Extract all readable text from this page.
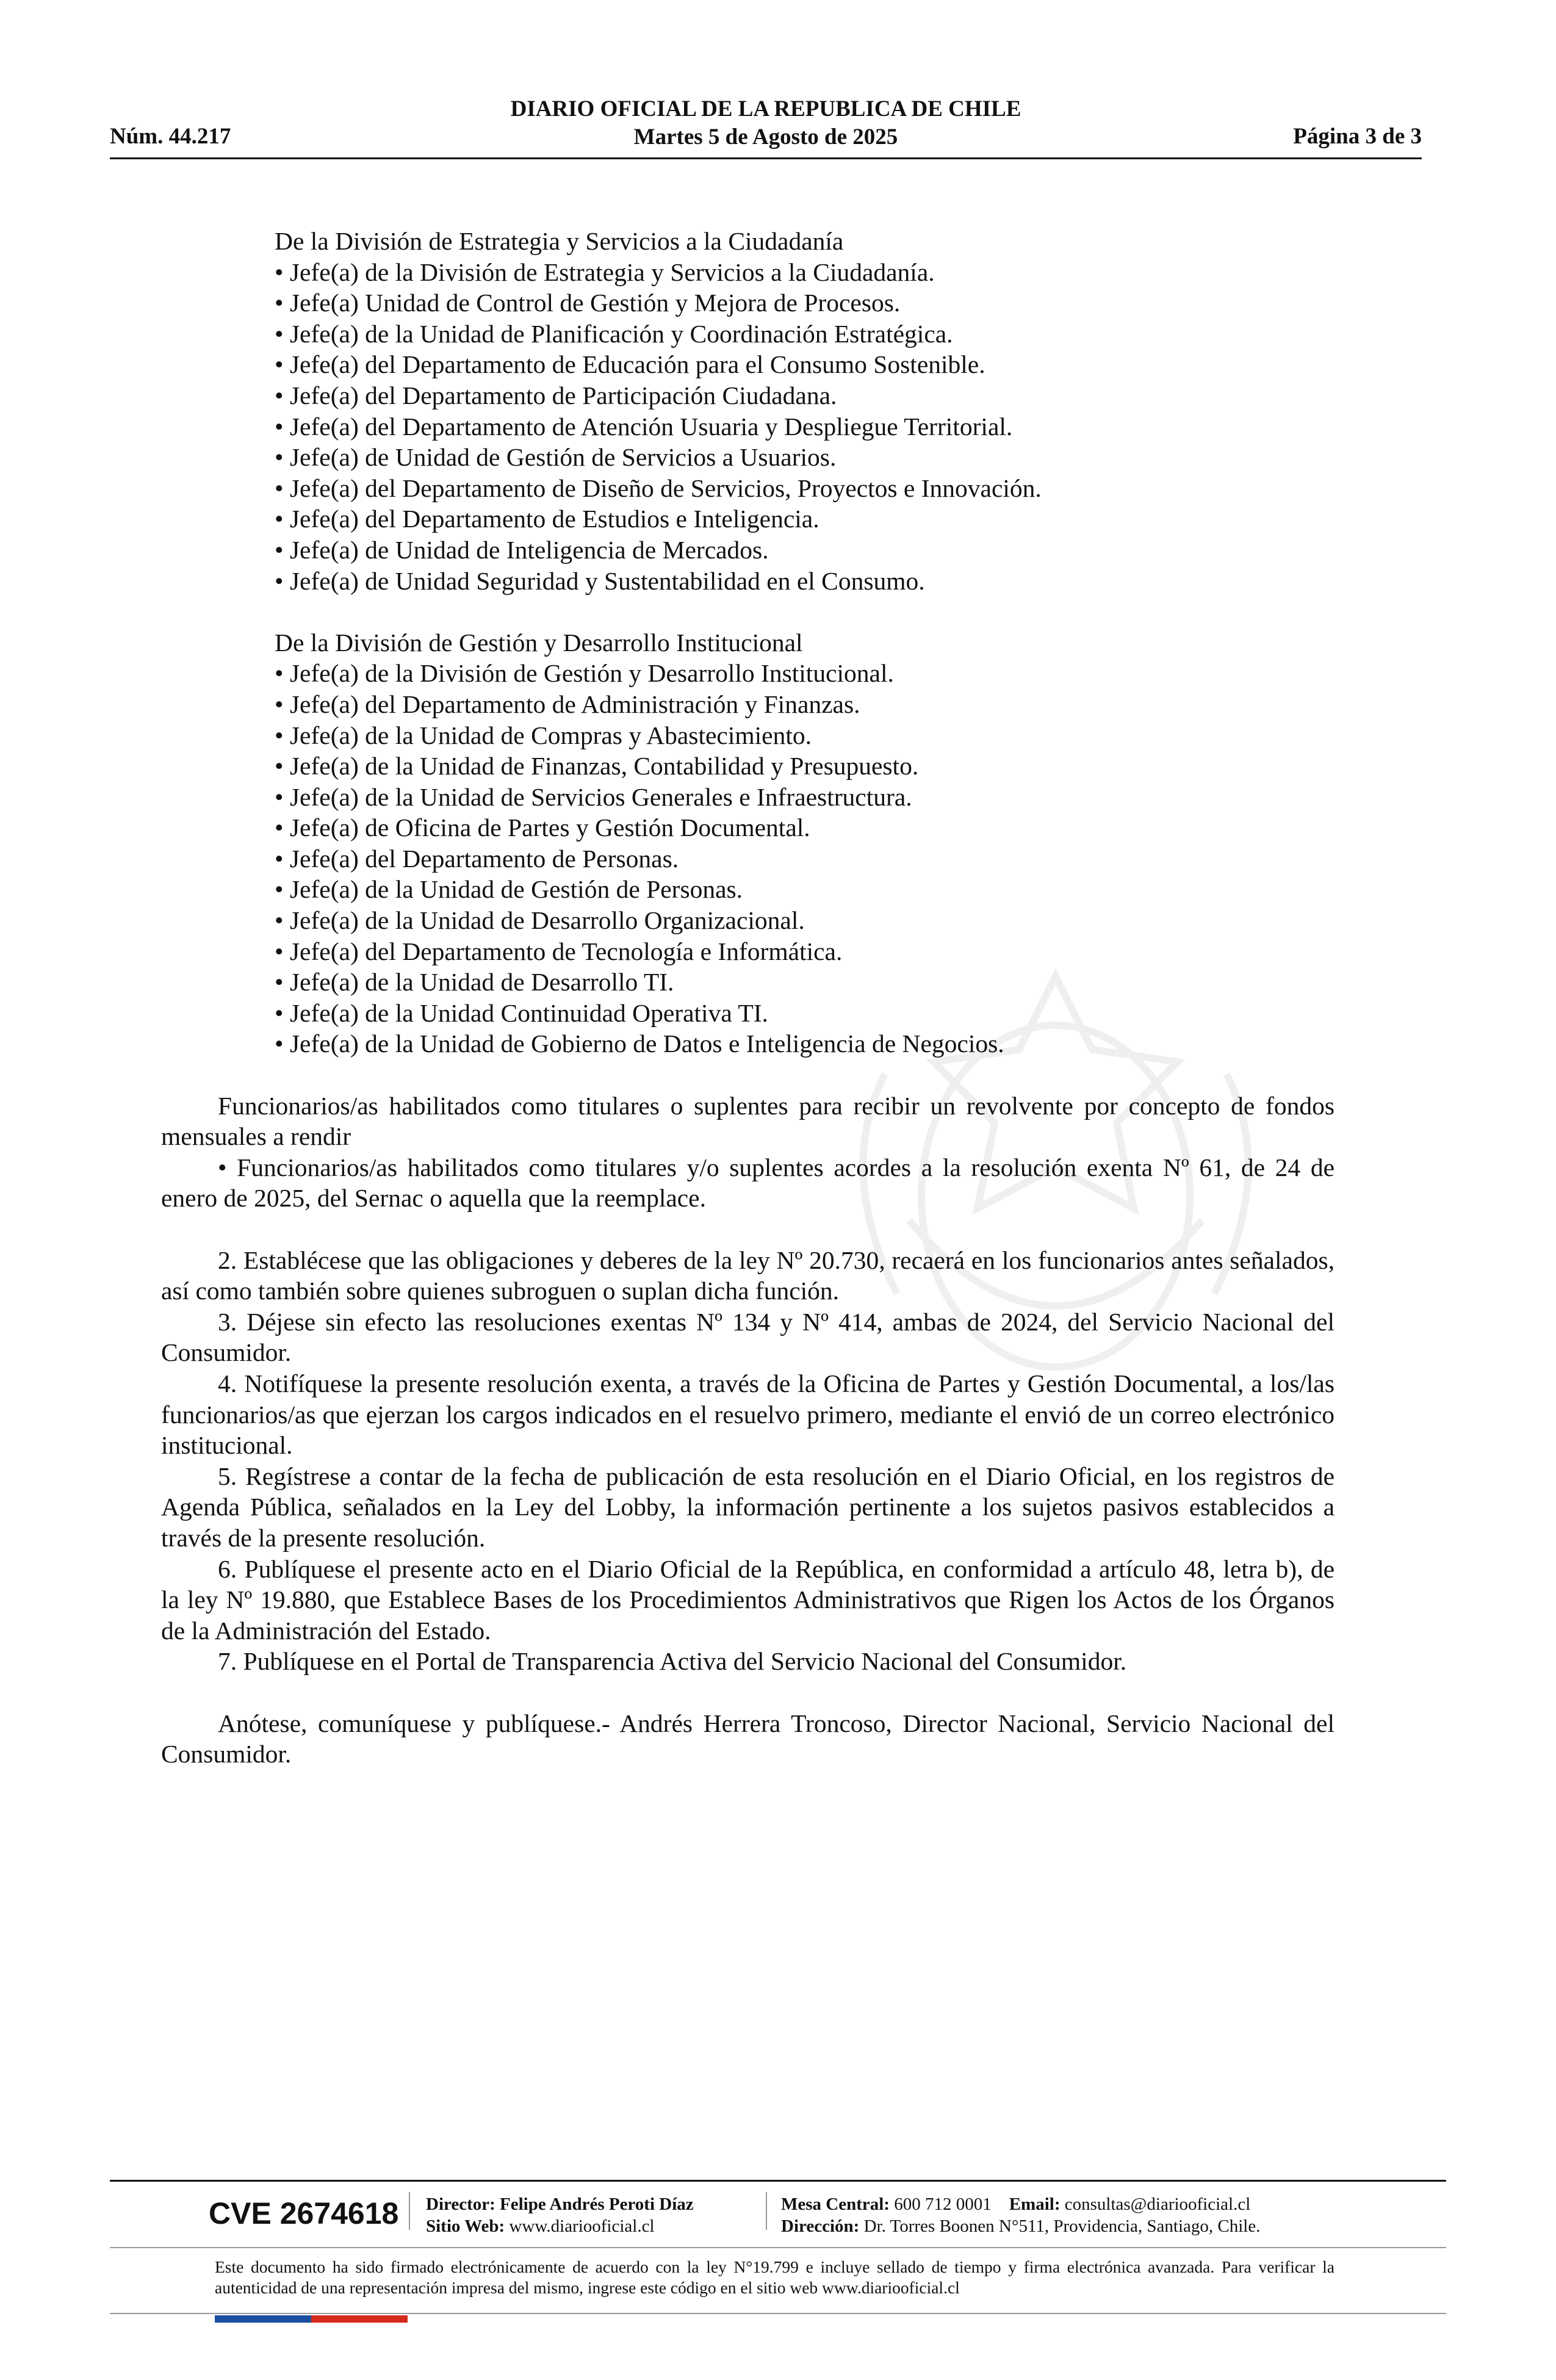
Núm. 44.217
DIARIO OFICIAL DE LA REPUBLICA DE CHILE
Martes 5 de Agosto de 2025	Página 3 de 3
De la División de Estrategia y Servicios a la Ciudadanía
• Jefe(a) de la División de Estrategia y Servicios a la Ciudadanía.
• Jefe(a) Unidad de Control de Gestión y Mejora de Procesos.
• Jefe(a) de la Unidad de Planificación y Coordinación Estratégica.
• Jefe(a) del Departamento de Educación para el Consumo Sostenible.
• Jefe(a) del Departamento de Participación Ciudadana.
• Jefe(a) del Departamento de Atención Usuaria y Despliegue Territorial.
• Jefe(a) de Unidad de Gestión de Servicios a Usuarios.
• Jefe(a) del Departamento de Diseño de Servicios, Proyectos e Innovación.
• Jefe(a) del Departamento de Estudios e Inteligencia.
• Jefe(a) de Unidad de Inteligencia de Mercados.
• Jefe(a) de Unidad Seguridad y Sustentabilidad en el Consumo.
De la División de Gestión y Desarrollo Institucional
• Jefe(a) de la División de Gestión y Desarrollo Institucional.
• Jefe(a) del Departamento de Administración y Finanzas.
• Jefe(a) de la Unidad de Compras y Abastecimiento.
• Jefe(a) de la Unidad de Finanzas, Contabilidad y Presupuesto.
• Jefe(a) de la Unidad de Servicios Generales e Infraestructura.
• Jefe(a) de Oficina de Partes y Gestión Documental.
• Jefe(a) del Departamento de Personas.
• Jefe(a) de la Unidad de Gestión de Personas.
• Jefe(a) de la Unidad de Desarrollo Organizacional.
• Jefe(a) del Departamento de Tecnología e Informática.
• Jefe(a) de la Unidad de Desarrollo TI.
• Jefe(a) de la Unidad Continuidad Operativa TI.
• Jefe(a) de la Unidad de Gobierno de Datos e Inteligencia de Negocios.

Funcionarios/as habilitados como titulares o suplentes para recibir un revolvente por concepto de fondos mensuales a rendir

• Funcionarios/as habilitados como titulares y/o suplentes acordes a la resolución exenta Nº 61, de 24 de enero de 2025, del Sernac o aquella que la reemplace.

2. Establécese que las obligaciones y deberes de la ley Nº 20.730, recaerá en los funcionarios antes señalados, así como también sobre quienes subroguen o suplan dicha función.

3. Déjese sin efecto las resoluciones exentas Nº 134 y Nº 414, ambas de 2024, del Servicio Nacional del Consumidor.

4. Notifíquese la presente resolución exenta, a través de la Oficina de Partes y Gestión Documental, a los/las funcionarios/as que ejerzan los cargos indicados en el resuelvo primero, mediante el envió de un correo electrónico institucional.

5. Regístrese a contar de la fecha de publicación de esta resolución en el Diario Oficial, en los registros de Agenda Pública, señalados en la Ley del Lobby, la información pertinente a los sujetos pasivos establecidos a través de la presente resolución.

6. Publíquese el presente acto en el Diario Oficial de la República, en conformidad a artículo 48, letra b), de la ley Nº 19.880, que Establece Bases de los Procedimientos Administrativos que Rigen los Actos de los Órganos de la Administración del Estado.

7. Publíquese en el Portal de Transparencia Activa del Servicio Nacional del Consumidor.

Anótese, comuníquese y publíquese.- Andrés Herrera Troncoso, Director Nacional, Servicio Nacional del Consumidor.

CVE 2674618 Director: Felipe Andrés Peroti Díaz
Sitio Web: www.diariooficial.cl
Mesa Central: 600 712 0001 Email: consultas@diariooficial.cl
Dirección: Dr. Torres Boonen N°511, Providencia, Santiago, Chile.
Este documento ha sido firmado electrónicamente de acuerdo con la ley N°19.799 e incluye sellado de tiempo y firma electrónica avanzada. Para verificar la autenticidad de una representación impresa del mismo, ingrese este código en el sitio web www.diariooficial.cl
